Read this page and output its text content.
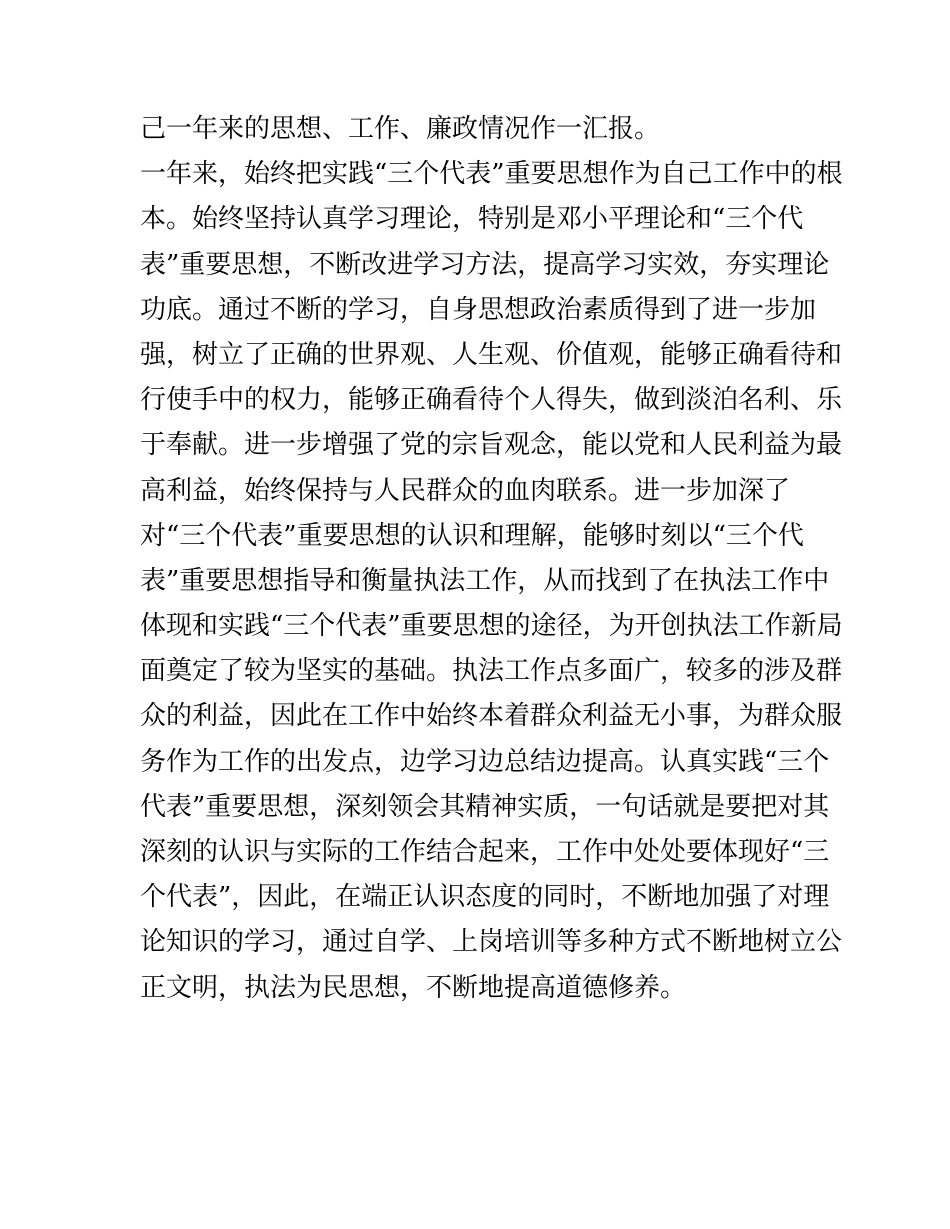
己一年来的思想、工作、廉政情况作一汇报。
一年来，始终把实践“三个代表”重要思想作为自己工作中的根
本。始终坚持认真学习理论，特别是邓小平理论和“三个代
表”重要思想，不断改进学习方法，提高学习实效，夯实理论
功底。通过不断的学习，自身思想政治素质得到了进一步加
强，树立了正确的世界观、人生观、价值观，能够正确看待和
行使手中的权力，能够正确看待个人得失，做到淡泊名利、乐
于奉献。进一步增强了党的宗旨观念，能以党和人民利益为最
高利益，始终保持与人民群众的血肉联系。进一步加深了
对“三个代表”重要思想的认识和理解，能够时刻以“三个代
表”重要思想指导和衡量执法工作，从而找到了在执法工作中
体现和实践“三个代表”重要思想的途径，为开创执法工作新局
面奠定了较为坚实的基础。执法工作点多面广，较多的涉及群
众的利益，因此在工作中始终本着群众利益无小事，为群众服
务作为工作的出发点，边学习边总结边提高。认真实践“三个
代表”重要思想，深刻领会其精神实质，一句话就是要把对其
深刻的认识与实际的工作结合起来，工作中处处要体现好“三
个代表”，因此，在端正认识态度的同时，不断地加强了对理
论知识的学习，通过自学、上岗培训等多种方式不断地树立公
正文明，执法为民思想，不断地提高道德修养。
